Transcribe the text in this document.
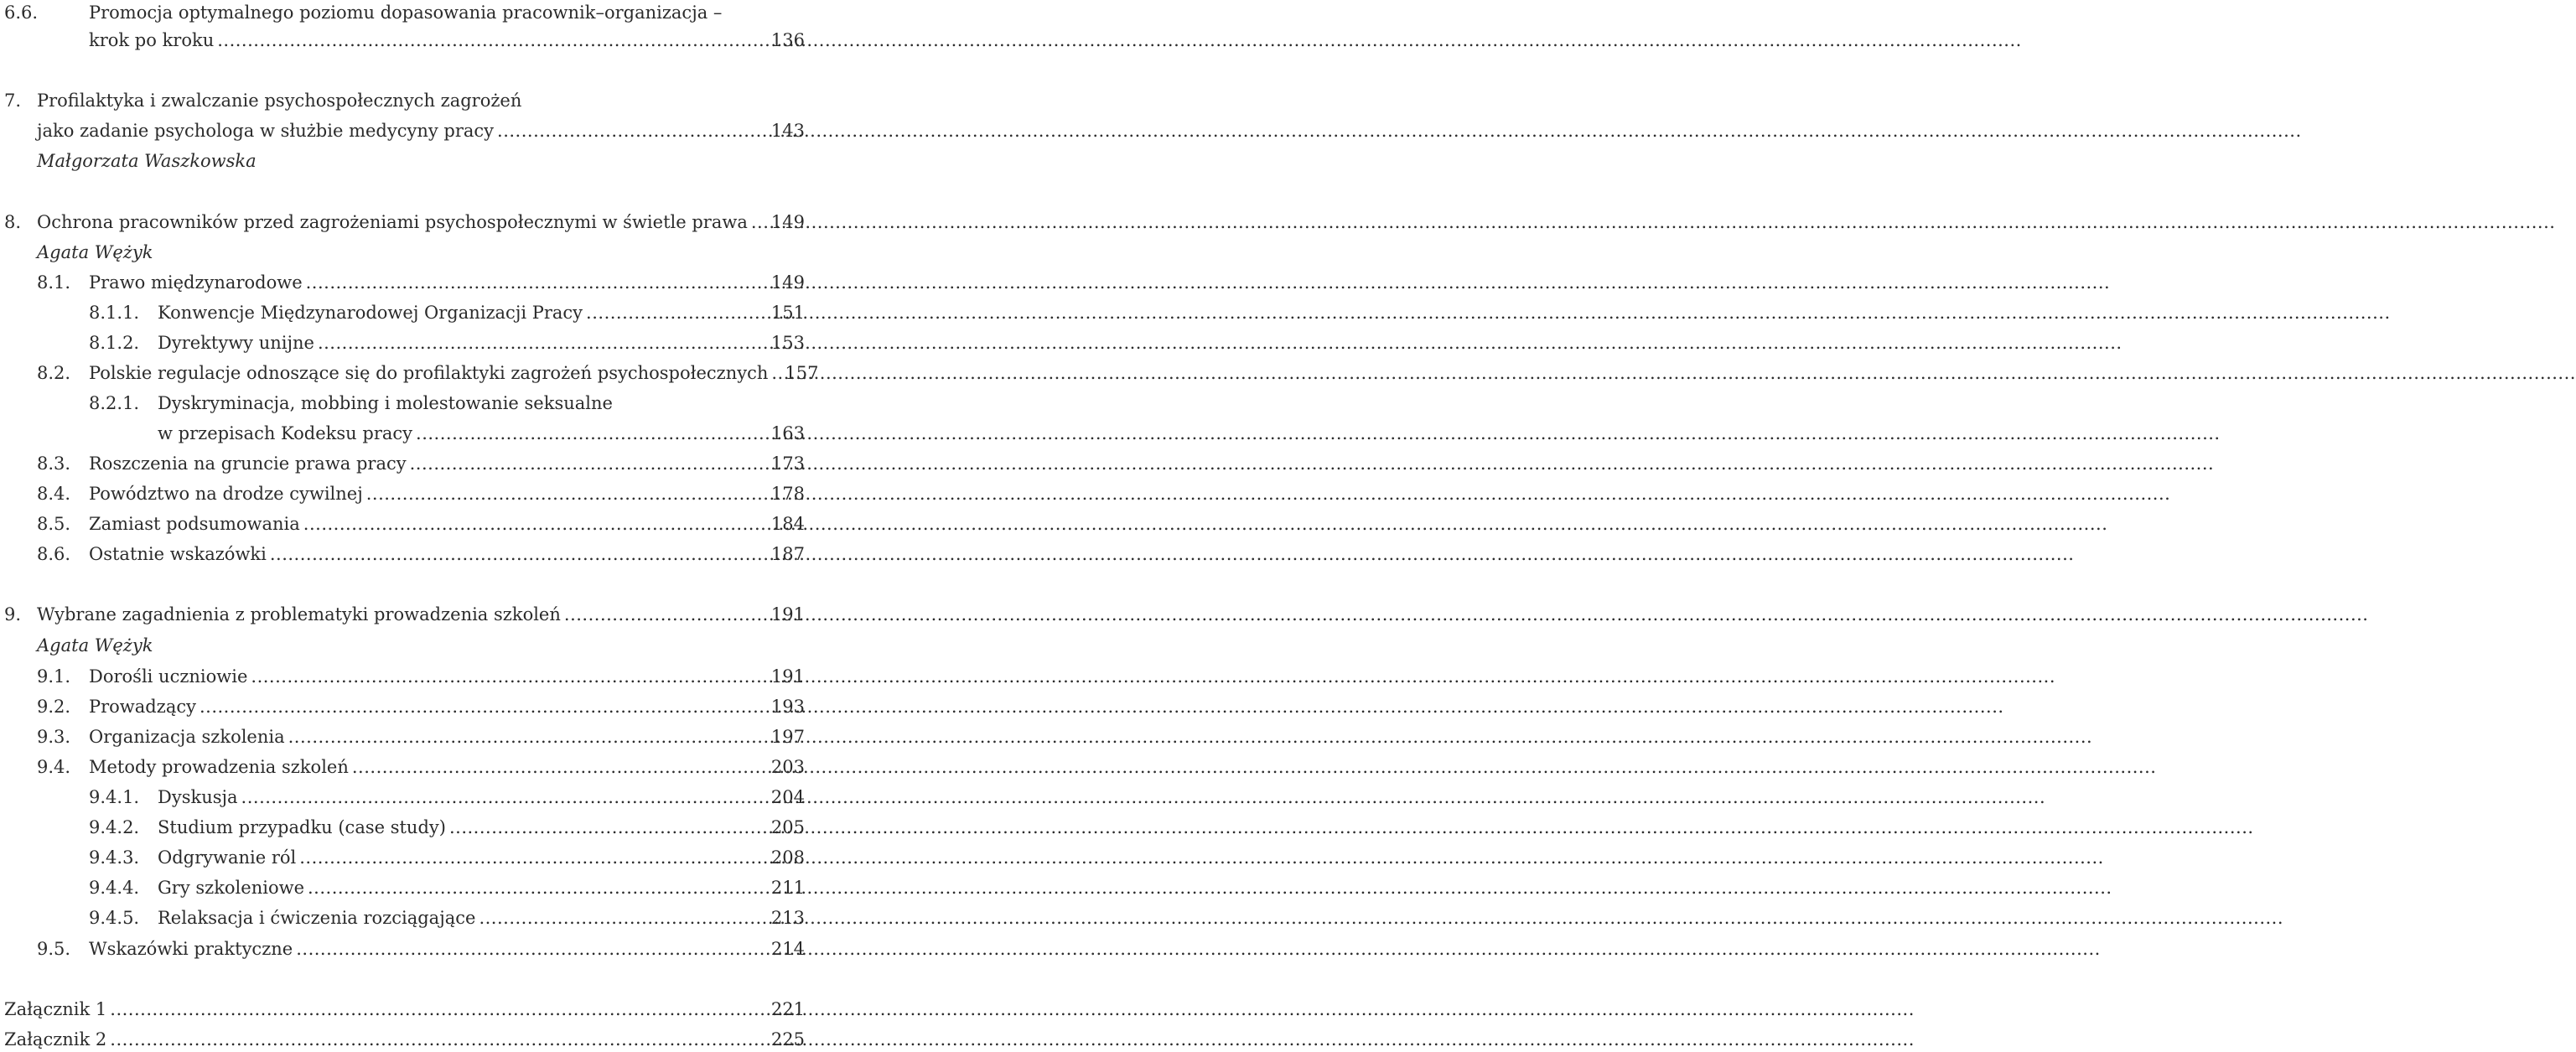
6.6.	Promocja optymalnego poziomu dopasowania pracownik–organizacja –
krok po kroku .....	136
7. Profilaktyka i zwalczanie psychospołecznych zagrożeń
jako zadanie psychologa w służbie medycyny pracy .....	143
Małgorzata Waszkowska
8. Ochrona pracowników przed zagrożeniami psychospołecznymi w świetle prawa ..... 149
Agata Wężyk
8.1. Prawo międzynarodowe .....	149
8.1.1. Konwencje Międzynarodowej Organizacji Pracy .....	151
8.1.2. Dyrektywy unijne .....	153
8.2. Polskie regulacje odnoszące się do profilaktyki zagrożeń psychospołecznych ..... 157
8.2.1. Dyskryminacja, mobbing i molestowanie seksualne
w przepisach Kodeksu pracy .....	163
8.3. Roszczenia na gruncie prawa pracy .....	173
8.4. Powództwo na drodze cywilnej .....	178
8.5. Zamiast podsumowania .....	184
8.6. Ostatnie wskazówki .....	187
9. Wybrane zagadnienia z problematyki prowadzenia szkoleń .....	191
Agata Wężyk
9.1. Dorośli uczniowie .....	191
9.2. Prowadzący .....	193
9.3. Organizacja szkolenia .....	197
9.4. Metody prowadzenia szkoleń .....	203
9.4.1. Dyskusja .....	204
9.4.2. Studium przypadku (case study) .....	205
9.4.3. Odgrywanie ról .....	208
9.4.4. Gry szkoleniowe .....	211
9.4.5. Relaksacja i ćwiczenia rozciągające .....	213
9.5. Wskazówki praktyczne .....	214
Załącznik 1 .....	221
Załącznik 2 .....	225
